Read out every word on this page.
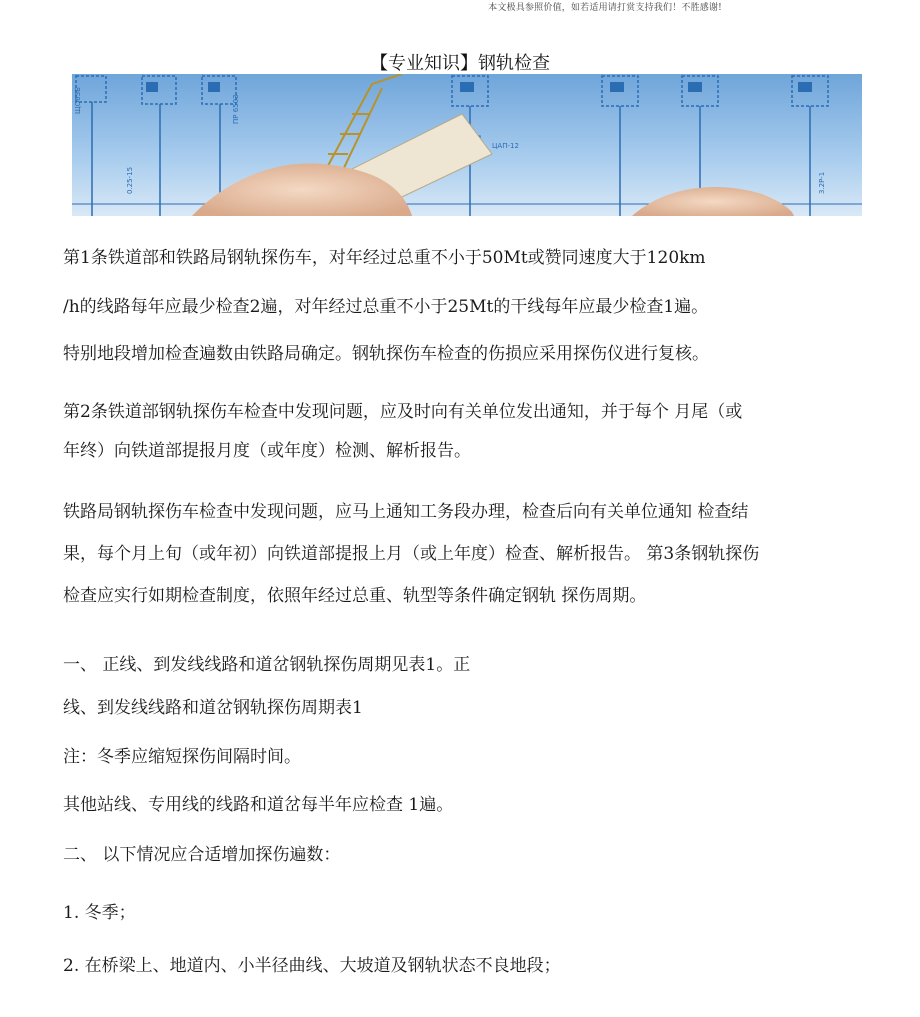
本文极具参照价值，如若适用请打赏支持我们！不胜感谢!
【专业知识】钢轨检查
ЩО65Б
ЦАП-12
ПР 6503
0.25-15	3.2P-1
第1条铁道部和铁路局钢轨探伤车，对年经过总重不小于50Mt或赞同速度大于120km
/h的线路每年应最少检查2遍，对年经过总重不小于25Mt的干线每年应最少检查1遍。
特别地段增加检查遍数由铁路局确定。钢轨探伤车检查的伤损应采用探伤仪进行复核。
第2条铁道部钢轨探伤车检查中发现问题，应及时向有关单位发出通知，并于每个 月尾（或
年终）向铁道部提报月度（或年度）检测、解析报告。
铁路局钢轨探伤车检查中发现问题，应马上通知工务段办理，检查后向有关单位通知 检查结
果，每个月上旬（或年初）向铁道部提报上月（或上年度）检查、解析报告。 第3条钢轨探伤
检查应实行如期检查制度，依照年经过总重、轨型等条件确定钢轨 探伤周期。
一、 正线、到发线线路和道岔钢轨探伤周期见表1。正
线、到发线线路和道岔钢轨探伤周期表1
注：冬季应缩短探伤间隔时间。
其他站线、专用线的线路和道岔每半年应检查 1遍。
二、 以下情况应合适增加探伤遍数：
1. 冬季；
2. 在桥梁上、地道内、小半径曲线、大坡道及钢轨状态不良地段；
